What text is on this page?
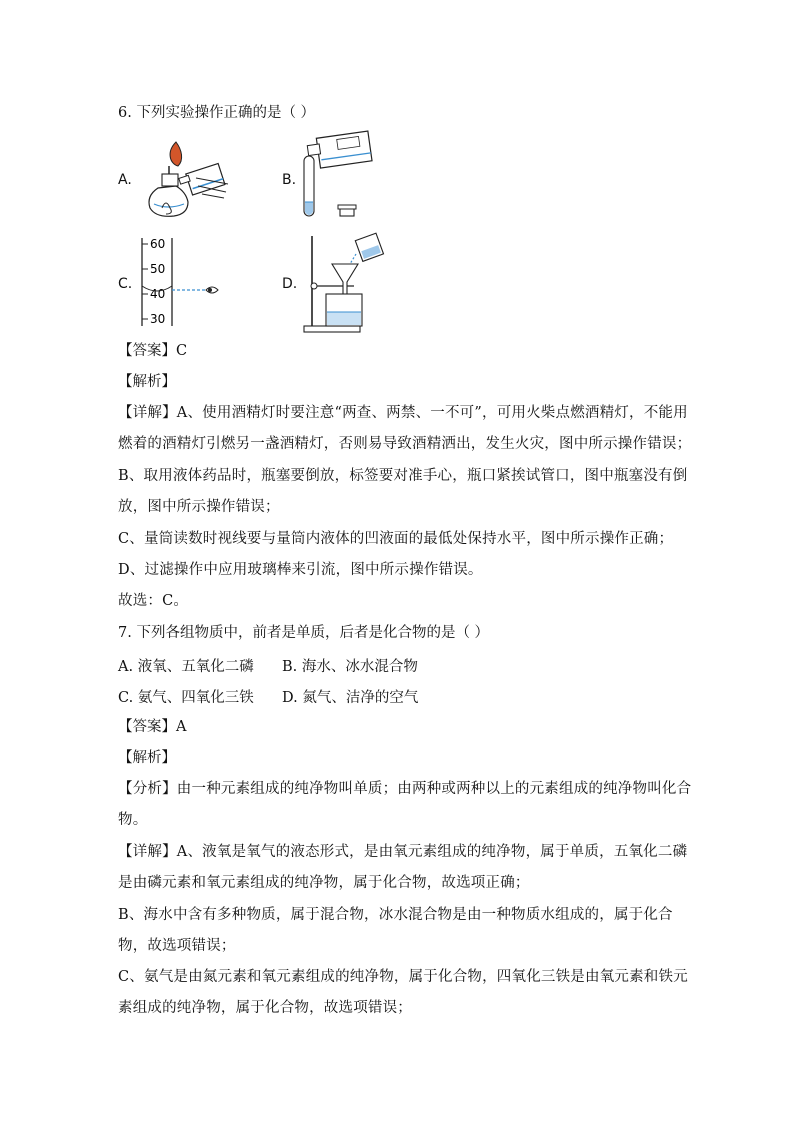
6. 下列实验操作正确的是（ ）
A.	B.
C.
60
50
40
30
D.
【答案】C
【解析】
【详解】A、使用酒精灯时要注意“两查、两禁、一不可”，可用火柴点燃酒精灯，不能用
燃着的酒精灯引燃另一盏酒精灯，否则易导致酒精洒出，发生火灾，图中所示操作错误；
B、取用液体药品时，瓶塞要倒放，标签要对准手心，瓶口紧挨试管口，图中瓶塞没有倒
放，图中所示操作错误；
C、量筒读数时视线要与量筒内液体的凹液面的最低处保持水平，图中所示操作正确；
D、过滤操作中应用玻璃棒来引流，图中所示操作错误。
故选：C。
7. 下列各组物质中，前者是单质，后者是化合物的是（ ）
A. 液氧、五氧化二磷 B. 海水、冰水混合物
C. 氨气、四氧化三铁 D. 氮气、洁净的空气
【答案】A
【解析】
【分析】由一种元素组成的纯净物叫单质；由两种或两种以上的元素组成的纯净物叫化合
物。
【详解】A、液氧是氧气的液态形式，是由氧元素组成的纯净物，属于单质，五氧化二磷
是由磷元素和氧元素组成的纯净物，属于化合物，故选项正确；
B、海水中含有多种物质，属于混合物，冰水混合物是由一种物质水组成的，属于化合
物，故选项错误；
C、氨气是由氮元素和氧元素组成的纯净物，属于化合物，四氧化三铁是由氧元素和铁元
素组成的纯净物，属于化合物，故选项错误；
